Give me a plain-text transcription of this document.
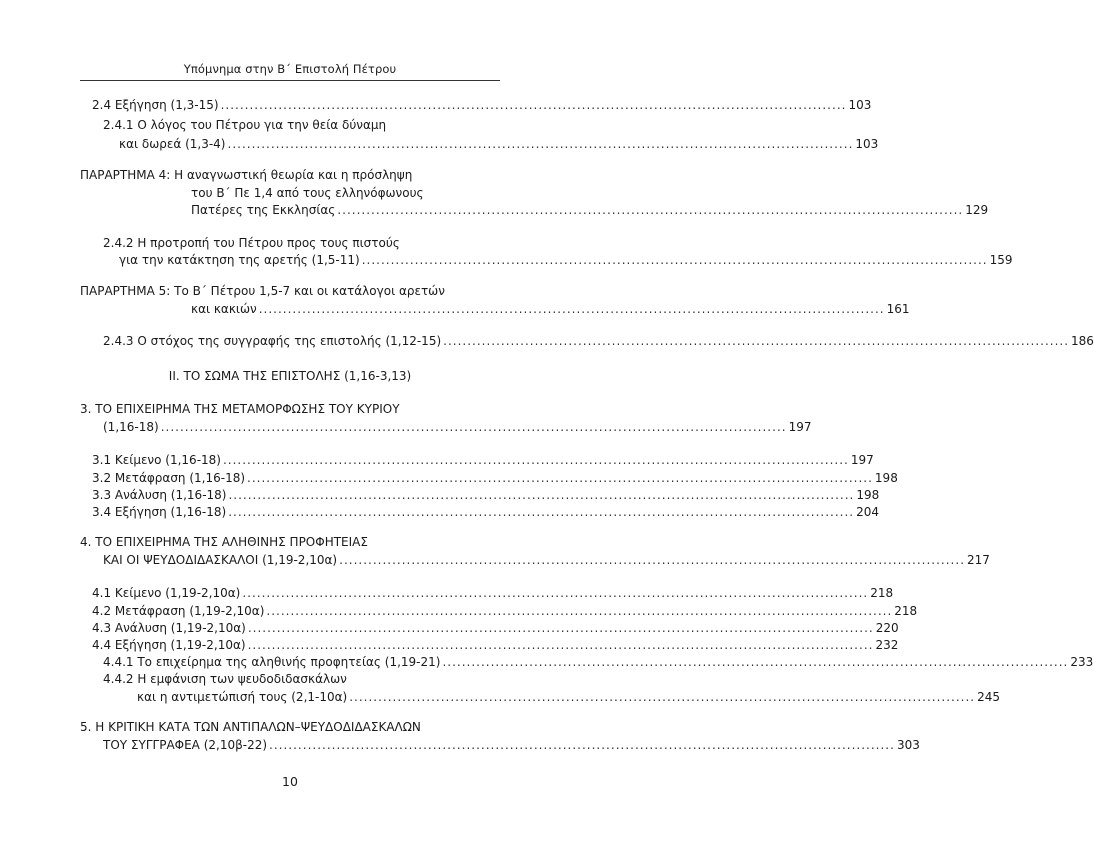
Υπόμνημα στην Β΄ Επιστολή Πέτρου
2.4 Εξήγηση (1,3-15) .................................................................................................................................. 103
2.4.1 Ο λόγος του Πέτρου για την θεία δύναμη
και δωρεά (1,3-4) .................................................................................................................................. 103
ΠΑΡΑΡΤΗΜΑ 4: Η αναγνωστική θεωρία και η πρόσληψη
του Β΄ Πε 1,4 από τους ελληνόφωνους
Πατέρες της Εκκλησίας .................................................................................................................................. 129
2.4.2 Η προτροπή του Πέτρου προς τους πιστούς
για την κατάκτηση της αρετής (1,5-11) .................................................................................................................................. 159
ΠΑΡΑΡΤΗΜΑ 5: Το Β΄ Πέτρου 1,5-7 και οι κατάλογοι αρετών
και κακιών .................................................................................................................................. 161
2.4.3 Ο στόχος της συγγραφής της επιστολής (1,12-15) .................................................................................................................................. 186
ΙΙ. ΤΟ ΣΩΜΑ ΤΗΣ ΕΠΙΣΤΟΛΗΣ (1,16-3,13)
3. ΤΟ ΕΠΙΧΕΙΡΗΜΑ ΤΗΣ ΜΕΤΑΜΟΡΦΩΣΗΣ ΤΟΥ ΚΥΡΙΟΥ
(1,16-18) .................................................................................................................................. 197
3.1 Κείμενο (1,16-18) .................................................................................................................................. 197
3.2 Μετάφραση (1,16-18) .................................................................................................................................. 198
3.3 Ανάλυση (1,16-18) .................................................................................................................................. 198
3.4 Εξήγηση (1,16-18) .................................................................................................................................. 204
4. ΤΟ ΕΠΙΧΕΙΡΗΜΑ ΤΗΣ ΑΛΗΘΙΝΗΣ ΠΡΟΦΗΤΕΙΑΣ
ΚΑΙ ΟΙ ΨΕΥΔΟΔΙΔΑΣΚΑΛΟΙ (1,19-2,10α) .................................................................................................................................. 217
4.1 Κείμενο (1,19-2,10α) .................................................................................................................................. 218
4.2 Μετάφραση (1,19-2,10α) .................................................................................................................................. 218
4.3 Ανάλυση (1,19-2,10α) .................................................................................................................................. 220
4.4 Εξήγηση (1,19-2,10α) .................................................................................................................................. 232
4.4.1 Το επιχείρημα της αληθινής προφητείας (1,19-21) .................................................................................................................................. 233
4.4.2 Η εμφάνιση των ψευδοδιδασκάλων
και η αντιμετώπισή τους (2,1-10α) .................................................................................................................................. 245
5. Η ΚΡΙΤΙΚΗ ΚΑΤΑ ΤΩΝ ΑΝΤΙΠΑΛΩΝ–ΨΕΥΔΟΔΙΔΑΣΚΑΛΩΝ
ΤΟΥ ΣΥΓΓΡΑΦΕΑ (2,10β-22) .................................................................................................................................. 303
10
